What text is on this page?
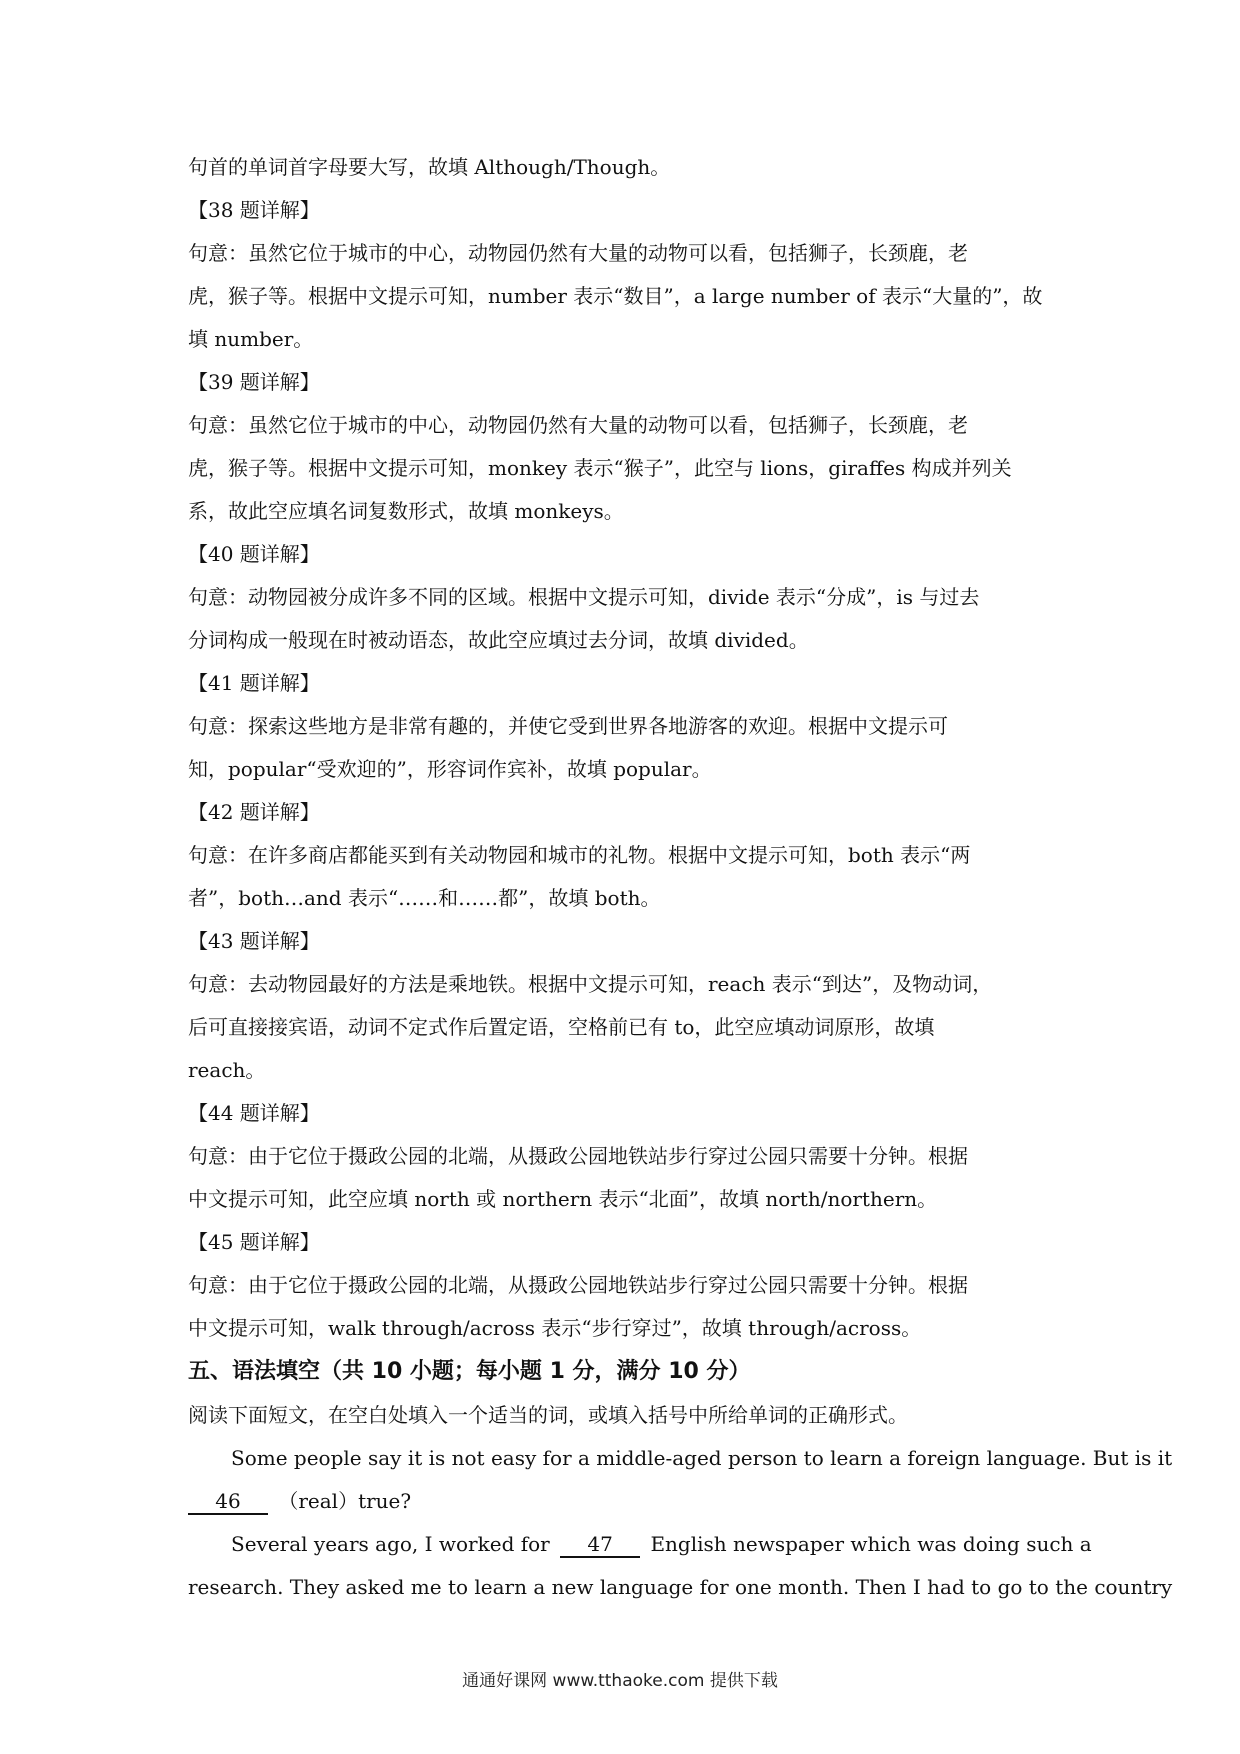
句首的单词首字母要大写，故填 Although/Though。
【38 题详解】
句意：虽然它位于城市的中心，动物园仍然有大量的动物可以看，包括狮子，长颈鹿，老
虎，猴子等。根据中文提示可知，number 表示“数目”，a large number of 表示“大量的”，故
填 number。
【39 题详解】
句意：虽然它位于城市的中心，动物园仍然有大量的动物可以看，包括狮子，长颈鹿，老
虎，猴子等。根据中文提示可知，monkey 表示“猴子”，此空与 lions，giraffes 构成并列关
系，故此空应填名词复数形式，故填 monkeys。
【40 题详解】
句意：动物园被分成许多不同的区域。根据中文提示可知，divide 表示“分成”，is 与过去
分词构成一般现在时被动语态，故此空应填过去分词，故填 divided。
【41 题详解】
句意：探索这些地方是非常有趣的，并使它受到世界各地游客的欢迎。根据中文提示可
知，popular“受欢迎的”，形容词作宾补，故填 popular。
【42 题详解】
句意：在许多商店都能买到有关动物园和城市的礼物。根据中文提示可知，both 表示“两
者”，both…and 表示“……和……都”，故填 both。
【43 题详解】
句意：去动物园最好的方法是乘地铁。根据中文提示可知，reach 表示“到达”，及物动词，
后可直接接宾语，动词不定式作后置定语，空格前已有 to，此空应填动词原形，故填
reach。
【44 题详解】
句意：由于它位于摄政公园的北端，从摄政公园地铁站步行穿过公园只需要十分钟。根据
中文提示可知，此空应填 north 或 northern 表示“北面”，故填 north/northern。
【45 题详解】
句意：由于它位于摄政公园的北端，从摄政公园地铁站步行穿过公园只需要十分钟。根据
中文提示可知，walk through/across 表示“步行穿过”，故填 through/across。
五、语法填空（共 10 小题；每小题 1 分，满分 10 分）
阅读下面短文，在空白处填入一个适当的词，或填入括号中所给单词的正确形式。
Some people say it is not easy for a middle-aged person to learn a foreign language. But is it
46 （real）true?
Several years ago, I worked for 47 English newspaper which was doing such a
research. They asked me to learn a new language for one month. Then I had to go to the country
通通好课网 www.tthaoke.com 提供下载
